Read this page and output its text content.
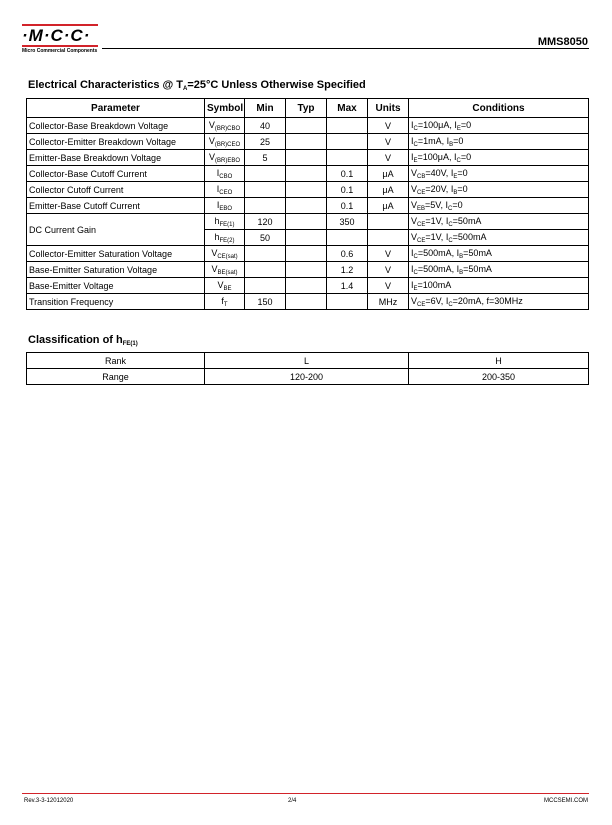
·M·C·C·
Micro Commercial Components
MMS8050
Electrical Characteristics @ $T_A=25^\circ C$ Unless Otherwise Specified
Parameter	Symbol	Min	Typ	Max	Units	Conditions
Collector-Base Breakdown Voltage	$V_{(BR)CBO}$	40			V	$I_C=100\mu A$, $I_E=0$
Collector-Emitter Breakdown Voltage	$V_{(BR)CEO}$	25			V	$I_C=1mA$, $I_B=0$
Emitter-Base Breakdown Voltage	$V_{(BR)EBO}$	5			V	$I_E=100\mu A$, $I_C=0$
Collector-Base Cutoff Current	$I_{CBO}$			0.1	μA	$V_{CB}=40V$, $I_E=0$
Collector Cutoff Current	$I_{CEO}$			0.1	μA	$V_{CE}=20V$, $I_B=0$
Emitter-Base Cutoff Current	$I_{EBO}$			0.1	μA	$V_{EB}=5V$, $I_C=0$
DC Current Gain	$h_{FE(1)}$	120		350		$V_{CE}=1V$, $I_C=50mA$
	$h_{FE(2)}$	50				$V_{CE}=1V$, $I_C=500mA$
Collector-Emitter Saturation Voltage	$V_{CE(sat)}$			0.6	V	$I_C=500mA$, $I_B=50mA$
Base-Emitter Saturation Voltage	$V_{BE(sat)}$			1.2	V	$I_C=500mA$, $I_B=50mA$
Base-Emitter Voltage	$V_{BE}$			1.4	V	$I_E=100mA$
Transition Frequency	$f_T$	150			MHz	$V_{CE}=6V$, $I_C=20mA$, f=30MHz
Classification of $h_{FE(1)}$
Rank	L	H
Range	120-200	200-350
Rev.3-3-12012020	2/4	MCCSEMI.COM
